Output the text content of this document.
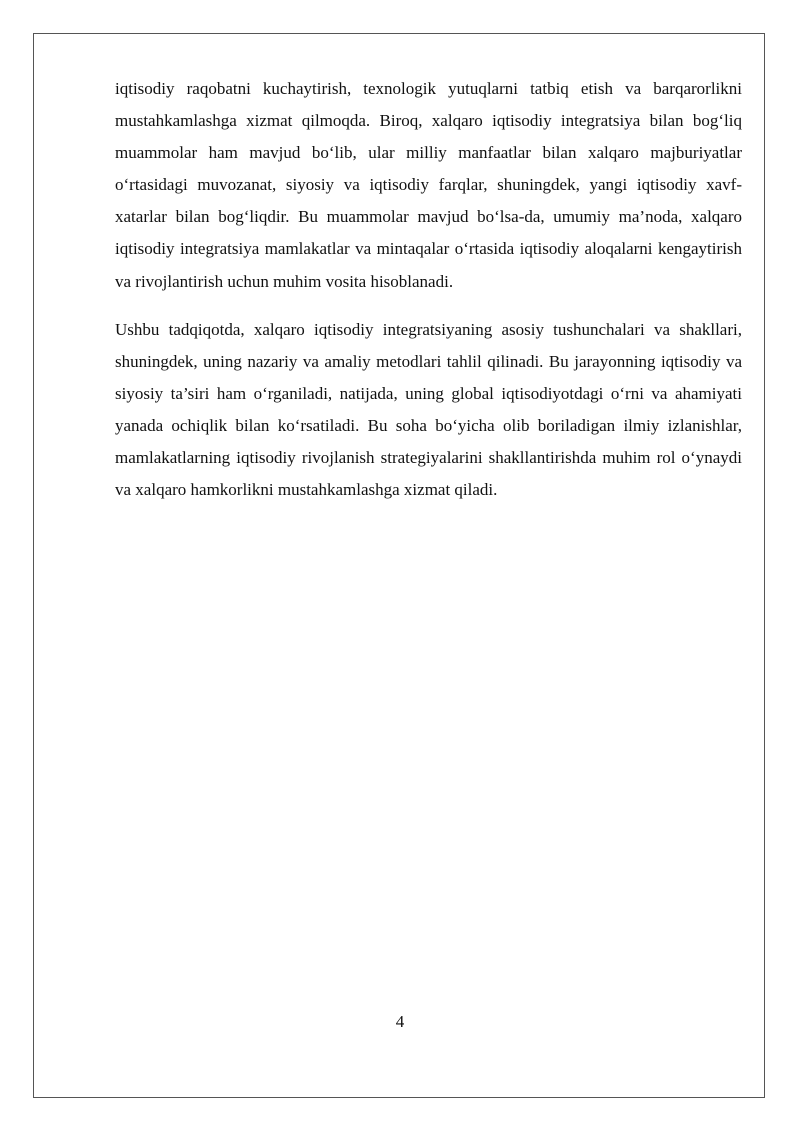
iqtisodiy raqobatni kuchaytirish, texnologik yutuqlarni tatbiq etish va barqarorlikni mustahkamlashga xizmat qilmoqda. Biroq, xalqaro iqtisodiy integratsiya bilan bog‘liq muammolar ham mavjud bo‘lib, ular milliy manfaatlar bilan xalqaro majburiyatlar o‘rtasidagi muvozanat, siyosiy va iqtisodiy farqlar, shuningdek, yangi iqtisodiy xavf-xatarlar bilan bog‘liqdir. Bu muammolar mavjud bo‘lsa-da, umumiy ma’noda, xalqaro iqtisodiy integratsiya mamlakatlar va mintaqalar o‘rtasida iqtisodiy aloqalarni kengaytirish va rivojlantirish uchun muhim vosita hisoblanadi.

Ushbu tadqiqotda, xalqaro iqtisodiy integratsiyaning asosiy tushunchalari va shakllari, shuningdek, uning nazariy va amaliy metodlari tahlil qilinadi. Bu jarayonning iqtisodiy va siyosiy ta’siri ham o‘rganiladi, natijada, uning global iqtisodiyotdagi o‘rni va ahamiyati yanada ochiqlik bilan ko‘rsatiladi. Bu soha bo‘yicha olib boriladigan ilmiy izlanishlar, mamlakatlarning iqtisodiy rivojlanish strategiyalarini shakllantirishda muhim rol o‘ynaydi va xalqaro hamkorlikni mustahkamlashga xizmat qiladi.

4
